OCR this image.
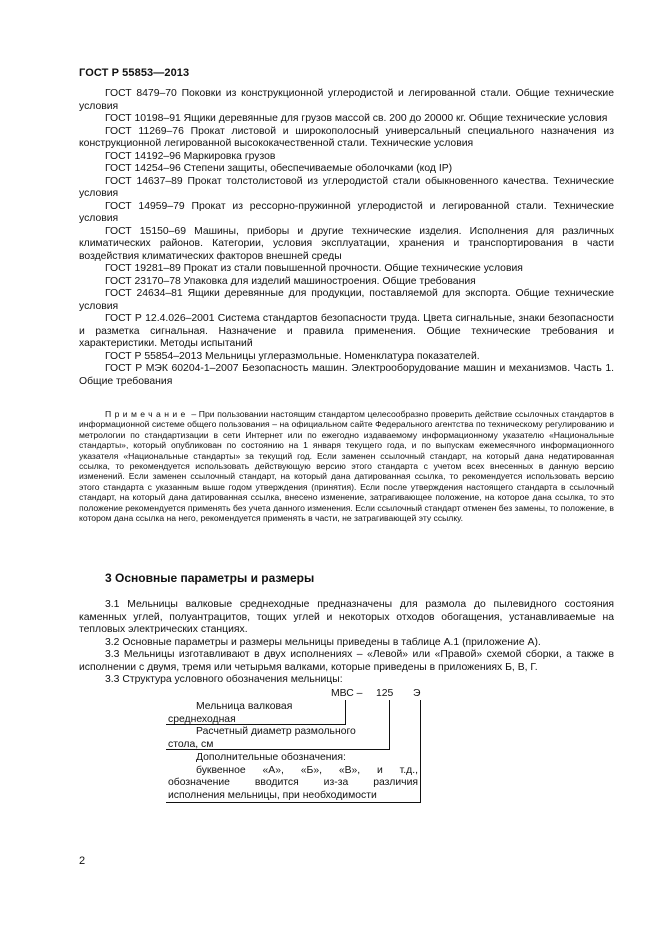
ГОСТ Р 55853—2013

ГОСТ 8479–70 Поковки из конструкционной углеродистой и легированной стали. Общие технические условия

ГОСТ 10198–91 Ящики деревянные для грузов массой св. 200 до 20000 кг. Общие технические условия

ГОСТ 11269–76 Прокат листовой и широкополосный универсальный специального назначения из конструкционной легированной высококачественной стали. Технические условия

ГОСТ 14192–96 Маркировка грузов

ГОСТ 14254–96 Степени защиты, обеспечиваемые оболочками (код IP)

ГОСТ 14637–89 Прокат толстолистовой из углеродистой стали обыкновенного качества. Технические условия

ГОСТ 14959–79 Прокат из рессорно-пружинной углеродистой и легированной стали. Технические условия

ГОСТ 15150–69 Машины, приборы и другие технические изделия. Исполнения для различных климатических районов. Категории, условия эксплуатации, хранения и транспортирования в части воздействия климатических факторов внешней среды

ГОСТ 19281–89 Прокат из стали повышенной прочности. Общие технические условия

ГОСТ 23170–78 Упаковка для изделий машиностроения. Общие требования

ГОСТ 24634–81 Ящики деревянные для продукции, поставляемой для экспорта. Общие технические условия

ГОСТ Р 12.4.026–2001 Система стандартов безопасности труда. Цвета сигнальные, знаки безопасности и разметка сигнальная. Назначение и правила применения. Общие технические требования и характеристики. Методы испытаний

ГОСТ Р 55854–2013 Мельницы углеразмольные. Номенклатура показателей.

ГОСТ Р МЭК 60204-1–2007 Безопасность машин. Электрооборудование машин и механизмов. Часть 1. Общие требования

Примечание – При пользовании настоящим стандартом целесообразно проверить действие ссылочных стандартов в информационной системе общего пользования – на официальном сайте Федерального агентства по техническому регулированию и метрологии по стандартизации в сети Интернет или по ежегодно издаваемому информационному указателю «Национальные стандарты», который опубликован по состоянию на 1 января текущего года, и по выпускам ежемесячного информационного указателя «Национальные стандарты» за текущий год. Если заменен ссылочный стандарт, на который дана недатированная ссылка, то рекомендуется использовать действующую версию этого стандарта с учетом всех внесенных в данную версию изменений. Если заменен ссылочный стандарт, на который дана датированная ссылка, то рекомендуется использовать версию этого стандарта с указанным выше годом утверждения (принятия). Если после утверждения настоящего стандарта в ссылочный стандарт, на который дана датированная ссылка, внесено изменение, затрагивающее положение, на которое дана ссылка, то это положение рекомендуется применять без учета данного изменения. Если ссылочный стандарт отменен без замены, то положение, в котором дана ссылка на него, рекомендуется применять в части, не затрагивающей эту ссылку.

3 Основные параметры и размеры

3.1 Мельницы валковые среднеходные предназначены для размола до пылевидного состояния каменных углей, полуантрацитов, тощих углей и некоторых отходов обогащения, устанавливаемые на тепловых электрических станциях.

3.2 Основные параметры и размеры мельницы приведены в таблице А.1 (приложение А).

3.3 Мельницы изготавливают в двух исполнениях – «Левой» или «Правой» схемой сборки, а также в исполнении с двумя, тремя или четырьмя валками, которые приведены в приложениях Б, В, Г.

3.3 Структура условного обозначения мельницы:

МВС – 125 Э
Мельница валковая
среднеходная
Расчетный диаметр размольного
стола, см
Дополнительные обозначения:
буквенное «А», «Б», «В», и т.д.,
обозначение вводится из-за различия
исполнения мельницы, при необходимости
2
